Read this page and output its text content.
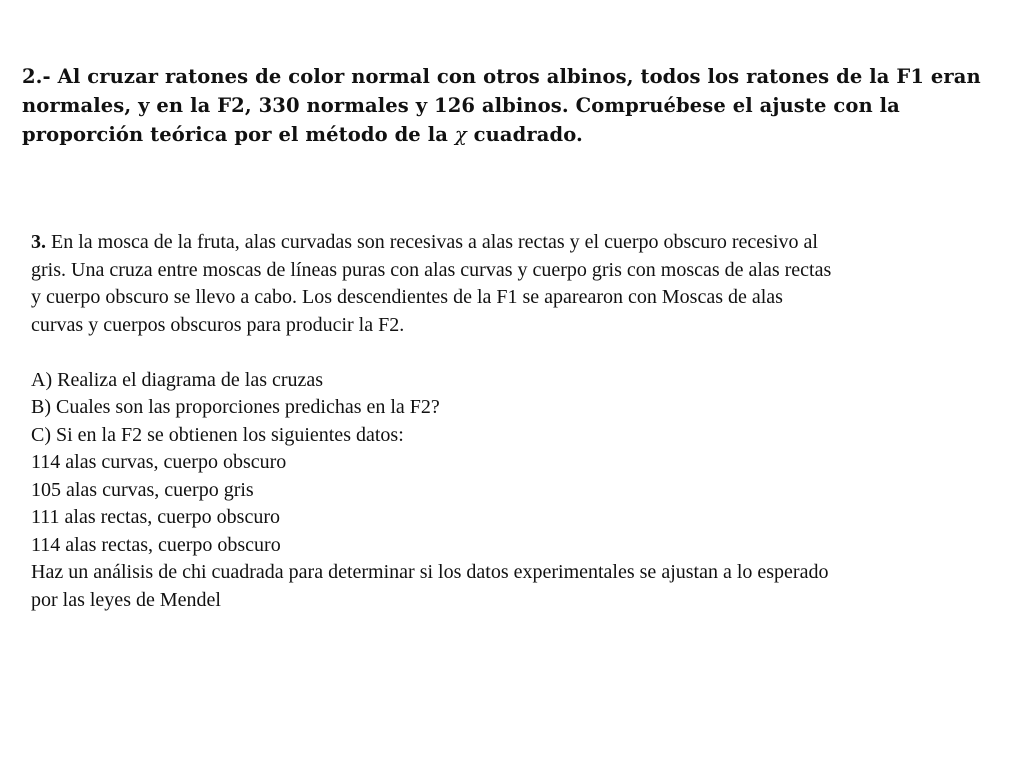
2.- Al cruzar ratones de color normal con otros albinos, todos los ratones de la F1 eran
normales, y en la F2, 330 normales y 126 albinos. Compruébese el ajuste con la
proporción teórica por el método de la χ cuadrado.
3. En la mosca de la fruta, alas curvadas son recesivas a alas rectas y el cuerpo obscuro recesivo al
gris. Una cruza entre moscas de líneas puras con alas curvas y cuerpo gris con moscas de alas rectas
y cuerpo obscuro se llevo a cabo. Los descendientes de la F1 se aparearon con Moscas de alas
curvas y cuerpos obscuros para producir la F2.
A) Realiza el diagrama de las cruzas
B) Cuales son las proporciones predichas en la F2?
C) Si en la F2 se obtienen los siguientes datos:
114 alas curvas, cuerpo obscuro
105 alas curvas, cuerpo gris
111 alas rectas, cuerpo obscuro
114 alas rectas, cuerpo obscuro
Haz un análisis de chi cuadrada para determinar si los datos experimentales se ajustan a lo esperado
por las leyes de Mendel
